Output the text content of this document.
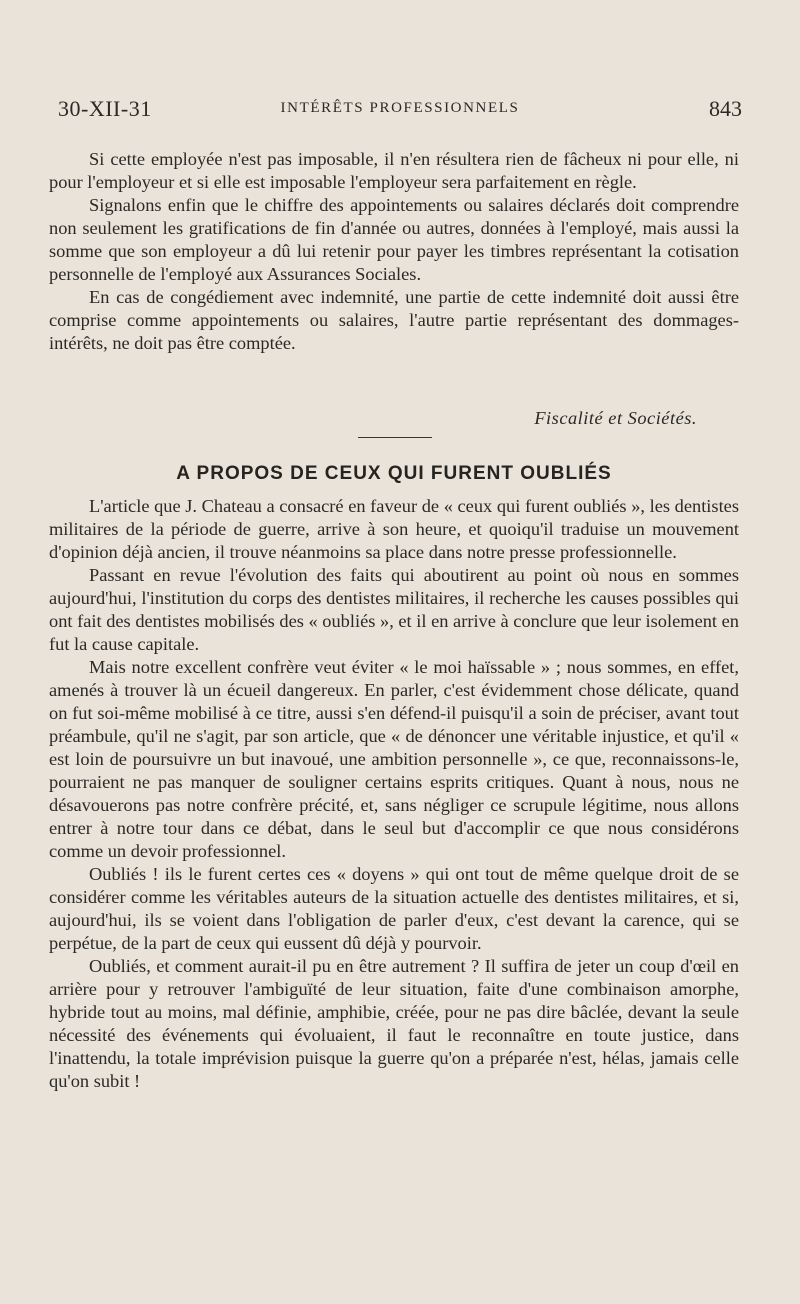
30-XII-31	INTÉRÊTS PROFESSIONNELS	843

Si cette employée n'est pas imposable, il n'en résultera rien de fâcheux ni pour elle, ni pour l'employeur et si elle est imposable l'employeur sera parfaitement en règle.

Signalons enfin que le chiffre des appointements ou salaires déclarés doit comprendre non seulement les gratifications de fin d'année ou autres, données à l'employé, mais aussi la somme que son employeur a dû lui retenir pour payer les timbres représentant la cotisation personnelle de l'employé aux Assurances Sociales.

En cas de congédiement avec indemnité, une partie de cette indemnité doit aussi être comprise comme appointements ou salaires, l'autre partie représentant des dommages-intérêts, ne doit pas être comptée.

Fiscalité et Sociétés.
A PROPOS DE CEUX QUI FURENT OUBLIÉS

L'article que J. Chateau a consacré en faveur de « ceux qui furent oubliés », les dentistes militaires de la période de guerre, arrive à son heure, et quoiqu'il traduise un mouvement d'opinion déjà ancien, il trouve néanmoins sa place dans notre presse professionnelle.

Passant en revue l'évolution des faits qui aboutirent au point où nous en sommes aujourd'hui, l'institution du corps des dentistes militaires, il recherche les causes possibles qui ont fait des dentistes mobilisés des « oubliés », et il en arrive à conclure que leur isolement en fut la cause capitale.

Mais notre excellent confrère veut éviter « le moi haïssable » ; nous sommes, en effet, amenés à trouver là un écueil dangereux. En parler, c'est évidemment chose délicate, quand on fut soi-même mobilisé à ce titre, aussi s'en défend-il puisqu'il a soin de préciser, avant tout préambule, qu'il ne s'agit, par son article, que « de dénoncer une véritable injustice, et qu'il « est loin de poursuivre un but inavoué, une ambition personnelle », ce que, reconnaissons-le, pourraient ne pas manquer de souligner certains esprits critiques. Quant à nous, nous ne désavouerons pas notre confrère précité, et, sans négliger ce scrupule légitime, nous allons entrer à notre tour dans ce débat, dans le seul but d'accomplir ce que nous considérons comme un devoir professionnel.

Oubliés ! ils le furent certes ces « doyens » qui ont tout de même quelque droit de se considérer comme les véritables auteurs de la situation actuelle des dentistes militaires, et si, aujourd'hui, ils se voient dans l'obligation de parler d'eux, c'est devant la carence, qui se perpétue, de la part de ceux qui eussent dû déjà y pourvoir.

Oubliés, et comment aurait-il pu en être autrement ? Il suffira de jeter un coup d'œil en arrière pour y retrouver l'ambiguïté de leur situation, faite d'une combinaison amorphe, hybride tout au moins, mal définie, amphibie, créée, pour ne pas dire bâclée, devant la seule nécessité des événements qui évoluaient, il faut le reconnaître en toute justice, dans l'inattendu, la totale imprévision puisque la guerre qu'on a préparée n'est, hélas, jamais celle qu'on subit !
